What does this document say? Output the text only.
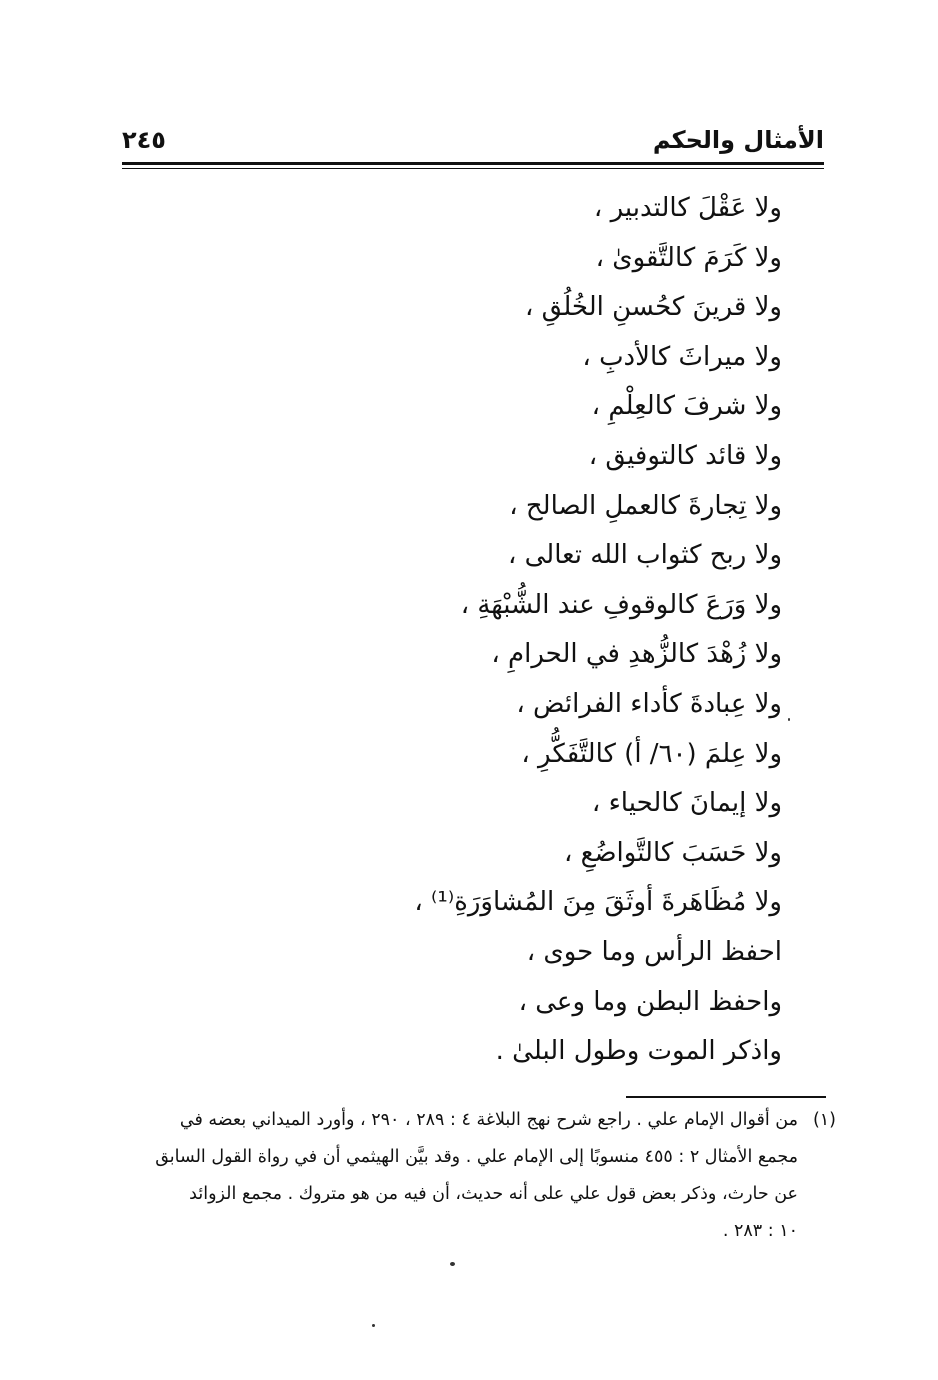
الأمثال والحكم
٢٤٥
ولا عَقْلَ كالتدبير ،
ولا كَرَمَ كالتَّقوىٰ ،
ولا قرينَ كحُسنِ الخُلُقِ ،
ولا ميراثَ كالأدبِ ،
ولا شرفَ كالعِلْمِ ،
ولا قائد كالتوفيق ،
ولا تِجارةَ كالعملِ الصالح ،
ولا ربح كثواب الله تعالى ،
ولا وَرَعَ كالوقوفِ عند الشُّبْهَةِ ،
ولا زُهْدَ كالزُّهدِ في الحرامِ ،
ولا عِبادةَ كأداء الفرائض ،
ولا عِلمَ (٦٠/ أ) كالتَّفَكُّرِ ،
ولا إيمانَ كالحياء ،
ولا حَسَبَ كالتَّواضُعِ ،
ولا مُظَاهَرةَ أوثَقَ مِنَ المُشاوَرَةِ⁽¹⁾ ،
احفظ الرأس وما حوى ،
واحفظ البطن وما وعى ،
واذكر الموت وطول البلىٰ .
(١)من أقوال الإمام علي . راجع شرح نهج البلاغة ٤ : ٢٨٩ ، ٢٩٠ ، وأورد الميداني بعضه في
مجمع الأمثال ٢ : ٤٥٥ منسوبًا إلى الإمام علي . وقد بيَّن الهيثمي أن في رواة القول السابق
عن حارث، وذكر بعض قول علي على أنه حديث، أن فيه من هو متروك . مجمع الزوائد
١٠ : ٢٨٣ .
